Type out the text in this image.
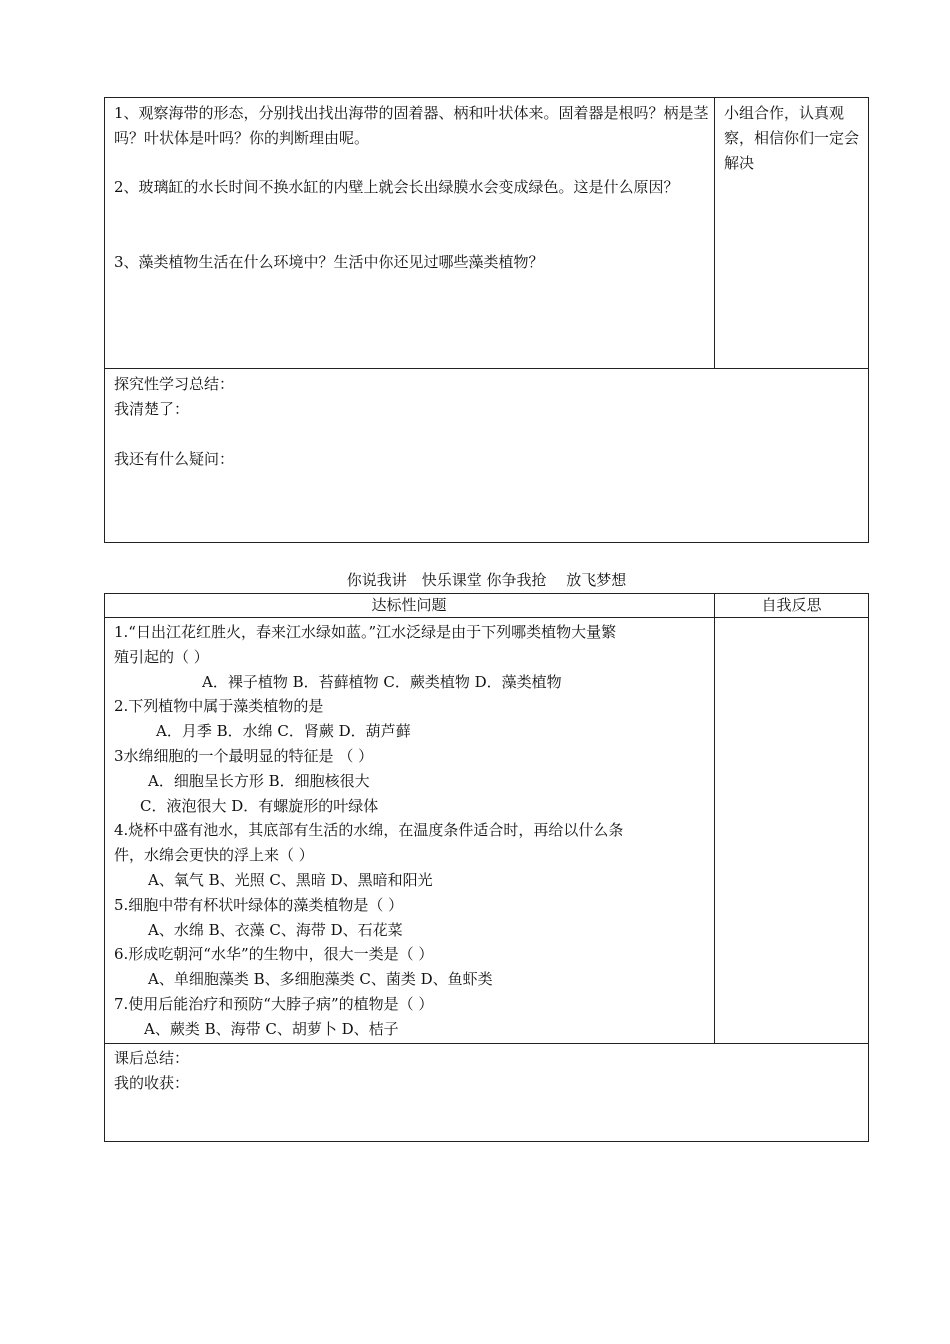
1、观察海带的形态，分别找出找出海带的固着器、柄和叶状体来。固着器是根吗？柄是茎吗？叶状体是叶吗？你的判断理由呢。
2、玻璃缸的水长时间不换水缸的内壁上就会长出绿膜水会变成绿色。这是什么原因？
3、藻类植物生活在什么环境中？生活中你还见过哪些藻类植物？
小组合作，认真观察，相信你们一定会解决
探究性学习总结：
我清楚了：
我还有什么疑问：
你说我讲　快乐课堂 你争我抢　 放飞梦想
达标性问题	自我反思
1.“日出江花红胜火，春来江水绿如蓝。”江水泛绿是由于下列哪类植物大量繁
殖引起的（ ）
A．裸子植物 B．苔藓植物 C．蕨类植物 D．藻类植物
2.下列植物中属于藻类植物的是
A．月季 B．水绵 C．肾蕨 D．葫芦藓
3水绵细胞的一个最明显的特征是 （ ）
A．细胞呈长方形 B．细胞核很大
C．液泡很大 D．有螺旋形的叶绿体
4.烧杯中盛有池水，其底部有生活的水绵，在温度条件适合时，再给以什么条
件，水绵会更快的浮上来（ ）
A、氧气 B、光照 C、黑暗 D、黑暗和阳光
5.细胞中带有杯状叶绿体的藻类植物是（ ）
A、水绵 B、衣藻 C、海带 D、石花菜
6.形成吃朝河“水华”的生物中，很大一类是（ ）
A、单细胞藻类 B、多细胞藻类 C、菌类 D、鱼虾类
7.使用后能治疗和预防“大脖子病”的植物是（ ）
A、蕨类 B、海带 C、胡萝卜 D、桔子
课后总结：
我的收获：
